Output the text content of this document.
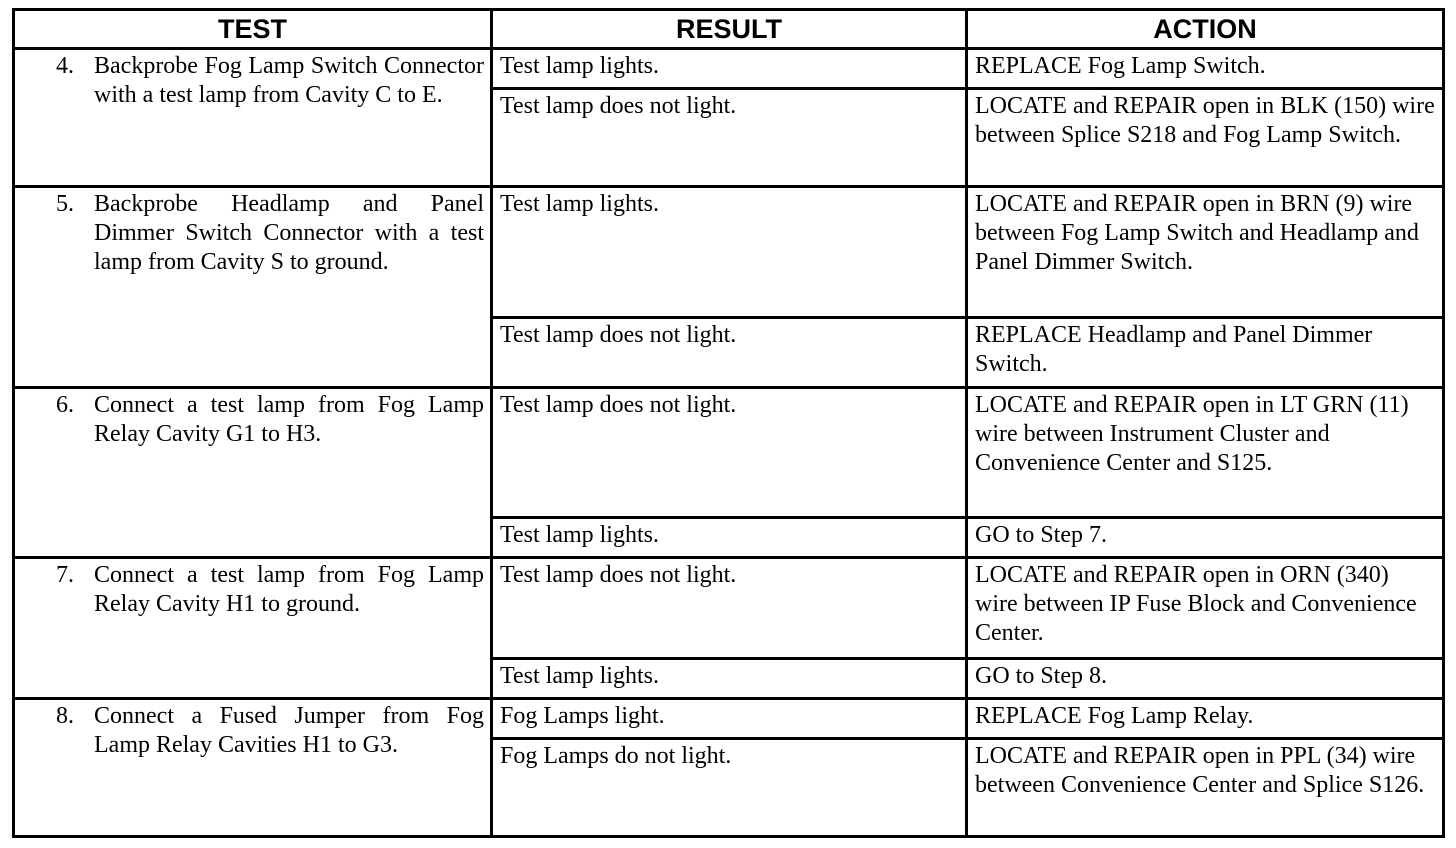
TEST	RESULT	ACTION

4. Backprobe Fog Lamp Switch Connector with a test lamp from Cavity C to E.	Test lamp lights.	REPLACE Fog Lamp Switch.
	Test lamp does not light.	LOCATE and REPAIR open in BLK (150) wire between Splice S218 and Fog Lamp Switch.

5. Backprobe Headlamp and Panel Dimmer Switch Connector with a test lamp from Cavity S to ground.	Test lamp lights.	LOCATE and REPAIR open in BRN (9) wire between Fog Lamp Switch and Headlamp and Panel Dimmer Switch.
	Test lamp does not light.	REPLACE Headlamp and Panel Dimmer Switch.

6. Connect a test lamp from Fog Lamp Relay Cavity G1 to H3.	Test lamp does not light.	LOCATE and REPAIR open in LT GRN (11) wire between Instrument Cluster and Convenience Center and S125.
	Test lamp lights.	GO to Step 7.

7. Connect a test lamp from Fog Lamp Relay Cavity H1 to ground.	Test lamp does not light.	LOCATE and REPAIR open in ORN (340) wire between IP Fuse Block and Convenience Center.
	Test lamp lights.	GO to Step 8.

8. Connect a Fused Jumper from Fog Lamp Relay Cavities H1 to G3.	Fog Lamps light.	REPLACE Fog Lamp Relay.
	Fog Lamps do not light.	LOCATE and REPAIR open in PPL (34) wire between Convenience Center and Splice S126.
